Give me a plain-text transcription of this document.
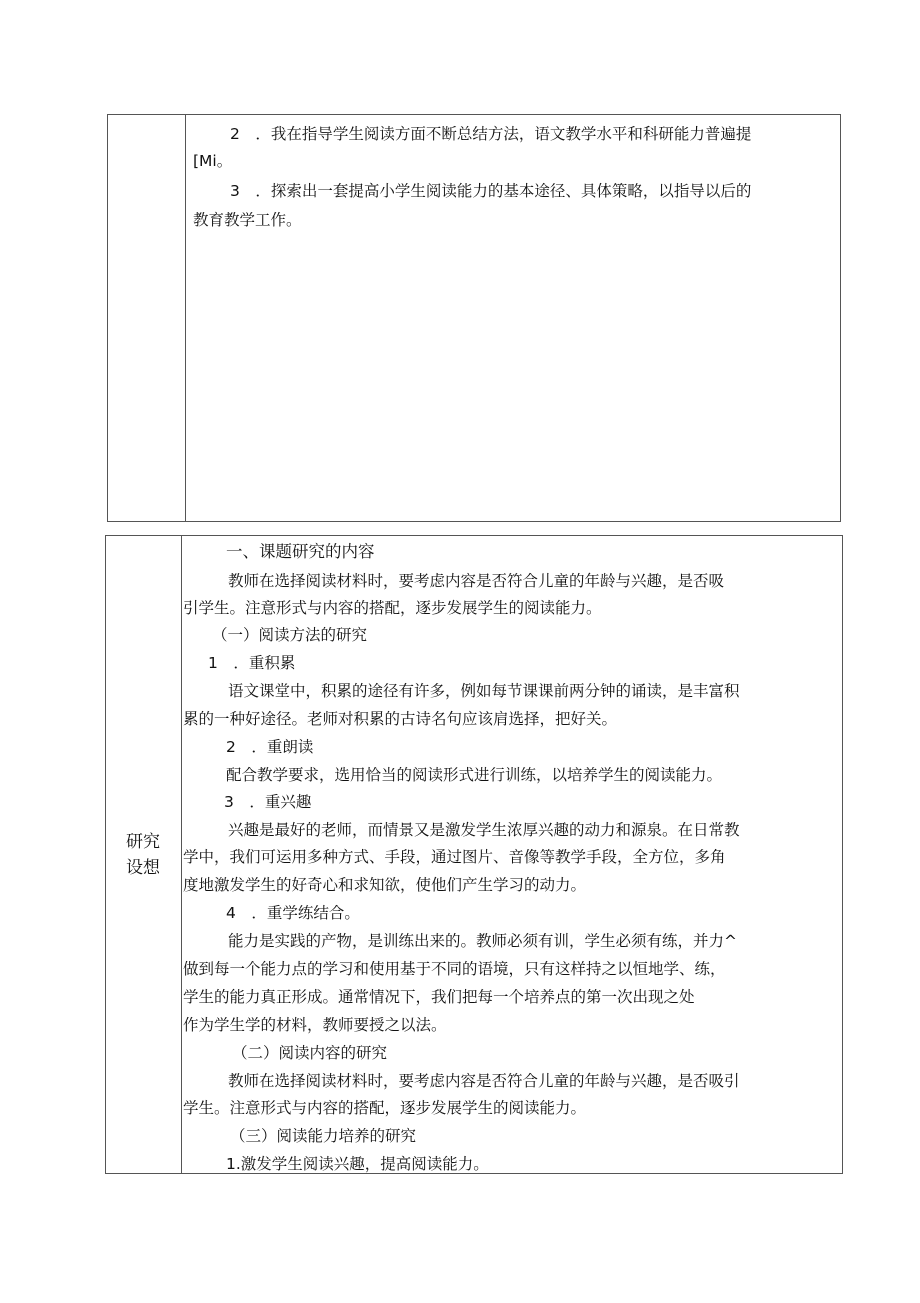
2　．我在指导学生阅读方面不断总结方法，语文教学水平和科研能力普遍提
[Mi。
3　．探索出一套提高小学生阅读能力的基本途径、具体策略，以指导以后的
教育教学工作。
研究
设想
一、课题研究的内容
教师在选择阅读材料时，要考虑内容是否符合儿童的年龄与兴趣，是否吸
引学生。注意形式与内容的搭配，逐步发展学生的阅读能力。
（一）阅读方法的研究
1　．重积累
语文课堂中，积累的途径有许多，例如每节课课前两分钟的诵读，是丰富积
累的一种好途径。老师对积累的古诗名句应该肩选择，把好关。
2　．重朗读
配合教学要求，选用恰当的阅读形式进行训练，以培养学生的阅读能力。
3　．重兴趣
兴趣是最好的老师，而情景又是激发学生浓厚兴趣的动力和源泉。在日常教
学中，我们可运用多种方式、手段，通过图片、音像等教学手段，全方位，多角
度地激发学生的好奇心和求知欲，使他们产生学习的动力。
4　．重学练结合。
能力是实践的产物，是训练出来的。教师必须有训，学生必须有练，并力^
做到每一个能力点的学习和使用基于不同的语境，只有这样持之以恒地学、练，
学生的能力真正形成。通常情况下，我们把每一个培养点的第一次出现之处
作为学生学的材料，教师要授之以法。
（二）阅读内容的研究
教师在选择阅读材料时，要考虑内容是否符合儿童的年龄与兴趣，是否吸引
学生。注意形式与内容的搭配，逐步发展学生的阅读能力。
（三）阅读能力培养的研究
1.激发学生阅读兴趣，提高阅读能力。
